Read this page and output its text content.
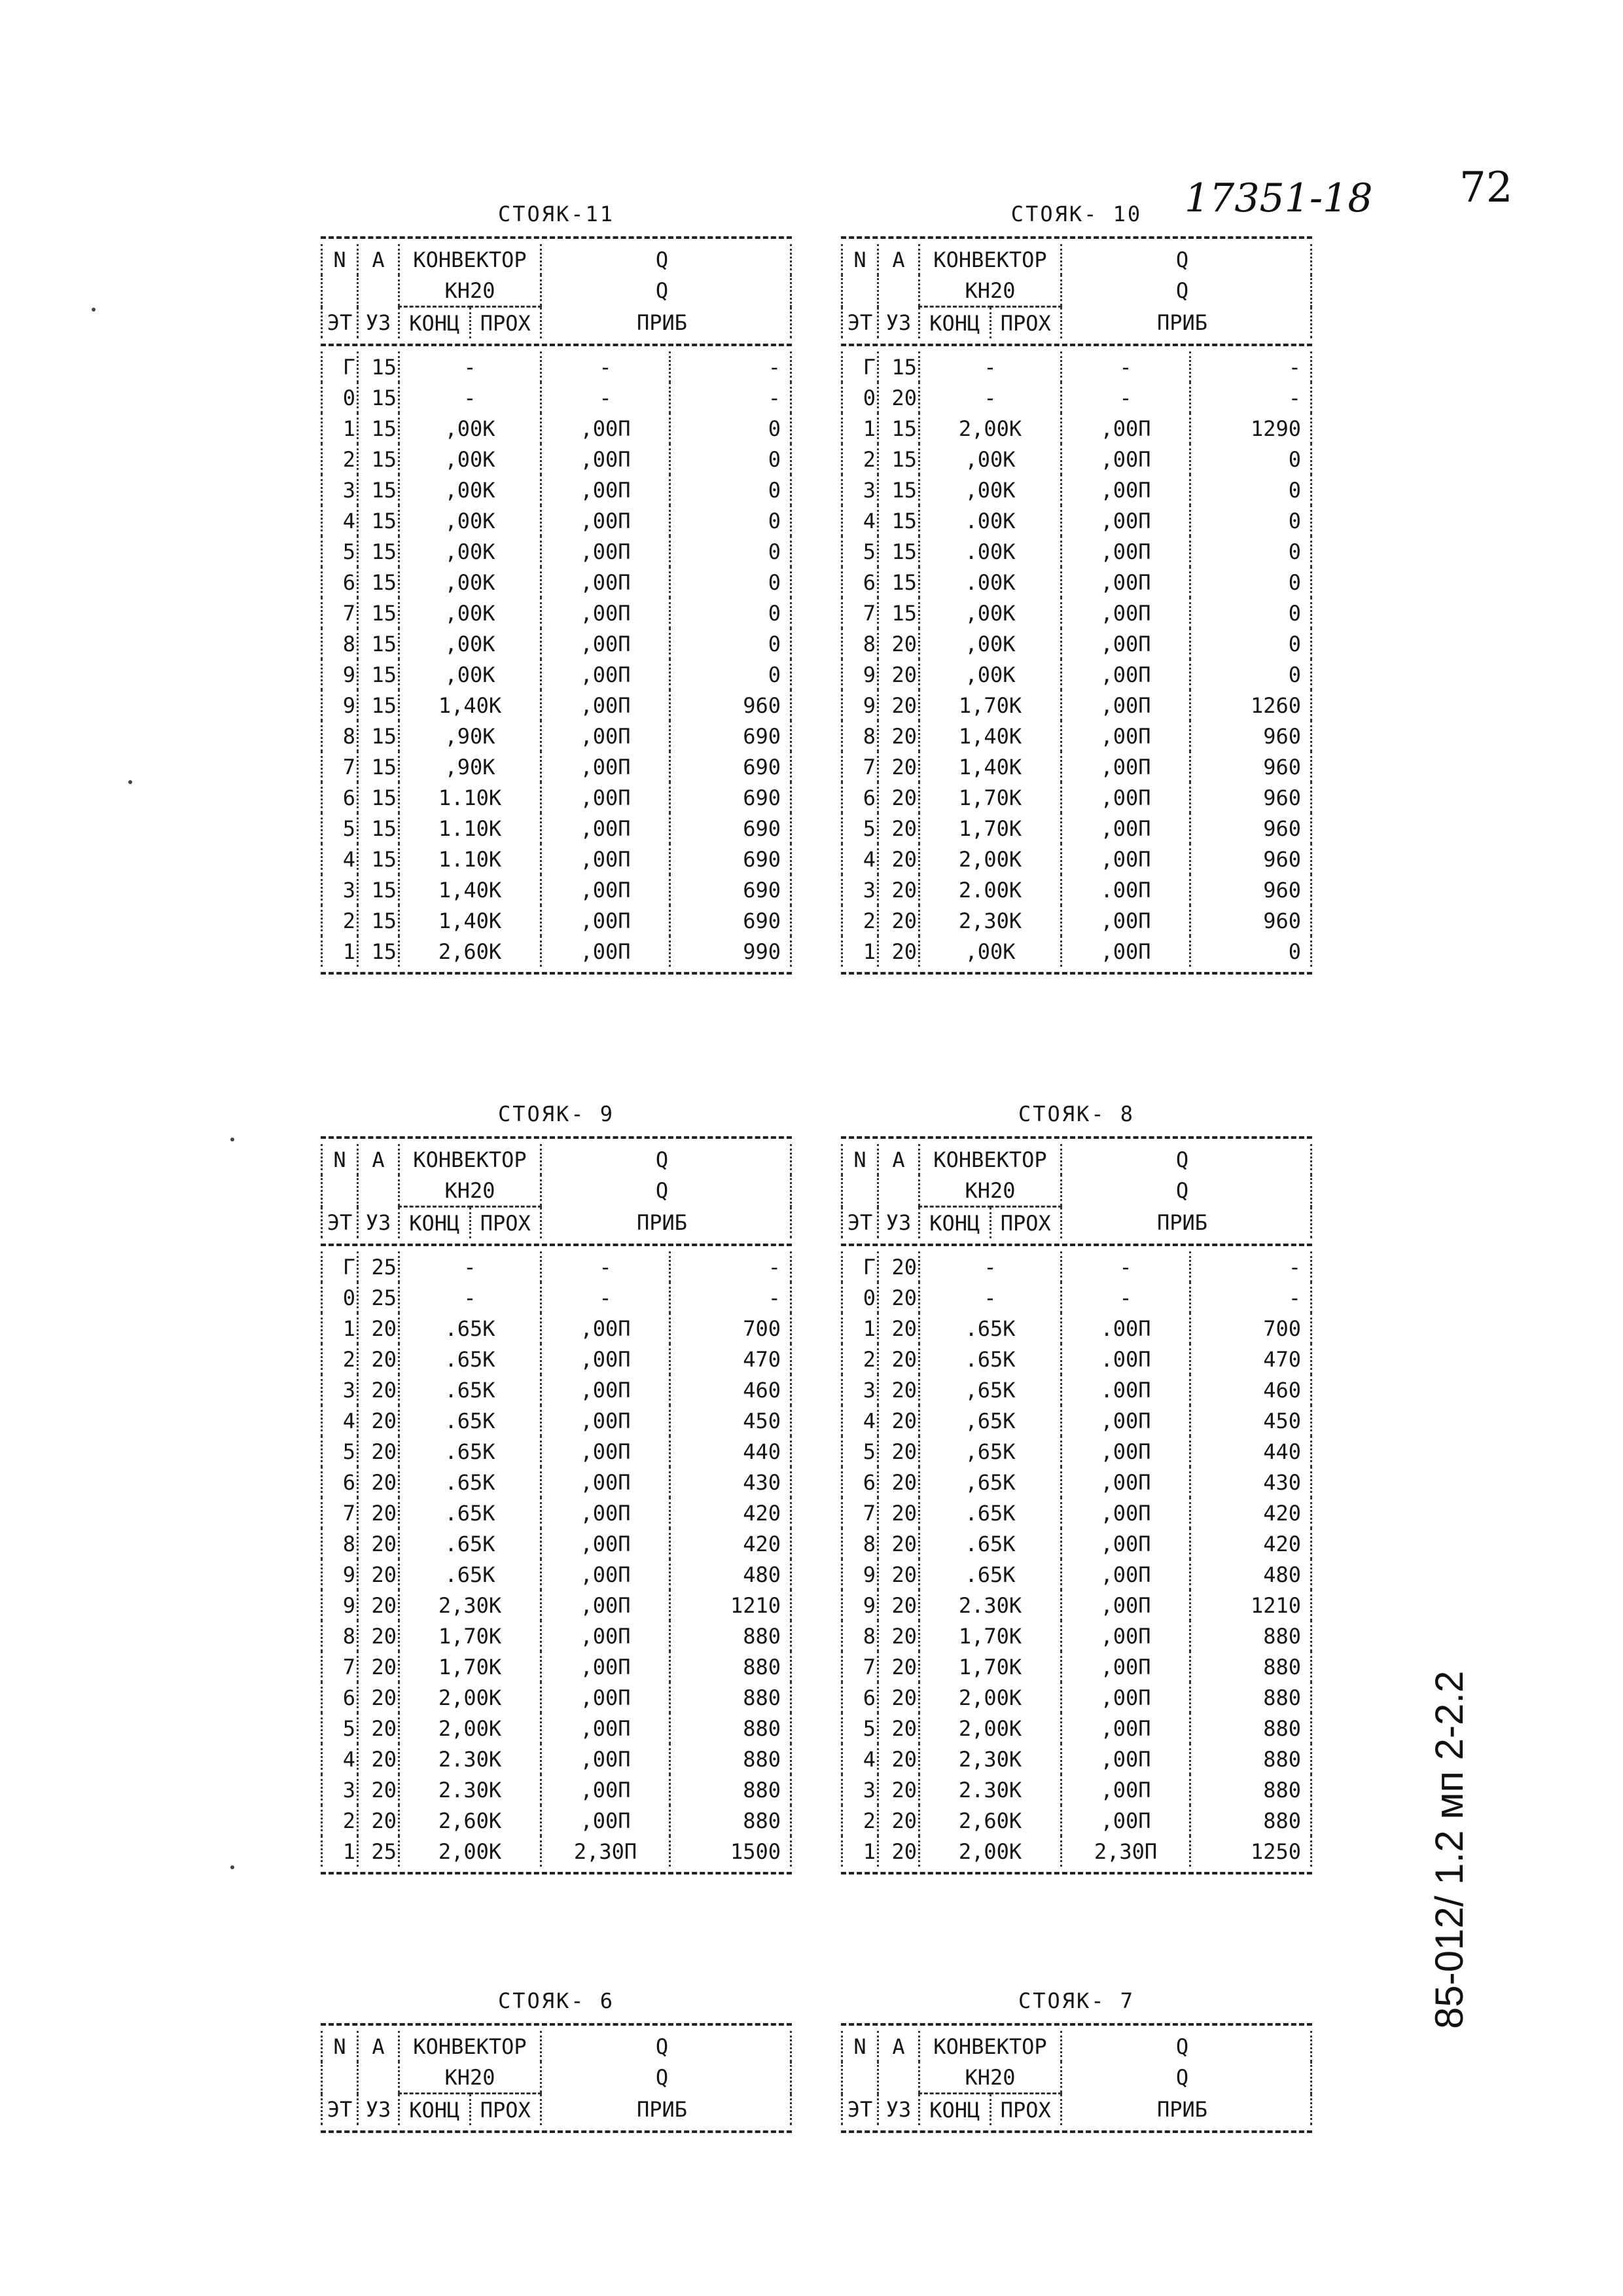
17351-18 72
85-012/ 1.2 мп 2-2.2
СТОЯК-11
N	A	КОНВЕКТОР		Q
		КН20		Q
ЭТ	УЗ	КОНЦ	ПРОХ	ПРИБ
Г	15	-	-	-
0	15	-	-	-
1	15	,00К	,00П	0
2	15	,00К	,00П	0
3	15	,00К	,00П	0
4	15	,00К	,00П	0
5	15	,00К	,00П	0
6	15	,00К	,00П	0
7	15	,00К	,00П	0
8	15	,00К	,00П	0
9	15	,00К	,00П	0
9	15	1,40К	,00П	960
8	15	,90К	,00П	690
7	15	,90К	,00П	690
6	15	1.10К	,00П	690
5	15	1.10К	,00П	690
4	15	1.10К	,00П	690
3	15	1,40К	,00П	690
2	15	1,40К	,00П	690
1	15	2,60К	,00П	990
СТОЯК- 10
N	A	КОНВЕКТОР		Q
		КН20		Q
ЭТ	УЗ	КОНЦ	ПРОХ	ПРИБ
Г	15	-	-	-
0	20	-	-	-
1	15	2,00К	,00П	1290
2	15	,00К	,00П	0
3	15	,00К	,00П	0
4	15	.00К	,00П	0
5	15	.00К	,00П	0
6	15	.00К	,00П	0
7	15	,00К	,00П	0
8	20	,00К	,00П	0
9	20	,00К	,00П	0
9	20	1,70К	,00П	1260
8	20	1,40К	,00П	960
7	20	1,40К	,00П	960
6	20	1,70К	,00П	960
5	20	1,70К	,00П	960
4	20	2,00К	,00П	960
3	20	2.00К	.00П	960
2	20	2,30К	,00П	960
1	20	,00К	,00П	0
СТОЯК- 9
N	A	КОНВЕКТОР		Q
		КН20		Q
ЭТ	УЗ	КОНЦ	ПРОХ	ПРИБ
Г	25	-	-	-
0	25	-	-	-
1	20	.65К	,00П	700
2	20	.65К	,00П	470
3	20	.65К	,00П	460
4	20	.65К	,00П	450
5	20	.65К	,00П	440
6	20	.65К	,00П	430
7	20	.65К	,00П	420
8	20	.65К	,00П	420
9	20	.65К	,00П	480
9	20	2,30К	,00П	1210
8	20	1,70К	,00П	880
7	20	1,70К	,00П	880
6	20	2,00К	,00П	880
5	20	2,00К	,00П	880
4	20	2.30К	,00П	880
3	20	2.30К	,00П	880
2	20	2,60К	,00П	880
1	25	2,00К	2,30П	1500
СТОЯК- 8
N	A	КОНВЕКТОР		Q
		КН20		Q
ЭТ	УЗ	КОНЦ	ПРОХ	ПРИБ
Г	20	-	-	-
0	20	-	-	-
1	20	.65К	.00П	700
2	20	.65К	.00П	470
3	20	,65К	.00П	460
4	20	,65К	,00П	450
5	20	,65К	,00П	440
6	20	,65К	,00П	430
7	20	.65К	,00П	420
8	20	.65К	,00П	420
9	20	.65К	,00П	480
9	20	2.30К	,00П	1210
8	20	1,70К	,00П	880
7	20	1,70К	,00П	880
6	20	2,00К	,00П	880
5	20	2,00К	,00П	880
4	20	2,30К	,00П	880
3	20	2.30К	,00П	880
2	20	2,60К	,00П	880
1	20	2,00К	2,30П	1250
СТОЯК- 6
N	A	КОНВЕКТОР		Q
		КН20		Q
ЭТ	УЗ	КОНЦ	ПРОХ	ПРИБ
СТОЯК- 7
N	A	КОНВЕКТОР		Q
		КН20		Q
ЭТ	УЗ	КОНЦ	ПРОХ	ПРИБ
